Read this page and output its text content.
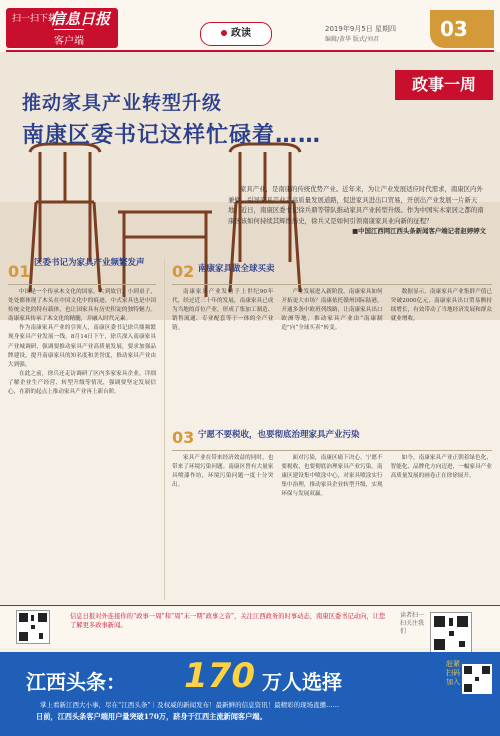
扫一扫下载
信息日报
客户端
政读	2019年9月5日 星期四
编辑/黄华 版式/刘君	03
政事一周
推动家具产业转型升级
南康区委书记这样忙碌着……
家具产业，是南康的传统优势产业。近年来，为让产业发展适应时代需求，南康区内外兼修，引导家具产业走高质量发展道路，促进家具进出口贸易，开创出产业发展一片新天地。近日，南康区委书记徐兵鼎等带队推动家具产业转型升级。作为中国实木家居之都的南康区该如何持续其辉煌历史，徐兵又是如何引领南康家具业向新的征程？
■中国江西网江西头条新闻客户端记者赵婷婷文
01 区委书记为家具产业频繁发声

中国是一个传承木文化的国家。大到故宫，小到桌子，处处都体现了木头在中国文化中的痕迹，中式家具也是中国传统文化的特有载体，也让国家具有历史积淀的独特魅力。南康家具传承了木文化的精髓，并融入时代元素。

作为南康家具产业的引领人，南康区委书记徐兵鼎频繁现身家具产业发展一线。8月14日下午，徐兵深入南康家具产业城调研，强调要推动家具产业高质量发展，要求加强品牌建设，提升南康家具的知名度和美誉度，推动家具产业由大到强。

在此之前，徐兵还走访调研了区内多家家具企业，详细了解企业生产经营、转型升级等情况，强调要坚定发展信心，在新的起点上推动家具产业再上新台阶。

02 南康家具做全球买卖

南康家具产业发轫于上世纪90年代，经过近三十年的发展，南康家具已成为当地的首位产业，形成了集加工制造、销售流通、专业配套等于一体的全产业链。

产业发展进入新阶段，南康家具如何开拓更大市场？南康依托赣州国际陆港，开通多条中欧班列线路，让南康家具出口欧洲等地，推动家具产业由“南康制造”向“全球买卖”转变。

数据显示，南康家具产业集群产值已突破2000亿元，南康家具出口贸易额持续增长，有效带动了当地经济发展和群众就业增收。

03 宁愿不要税收，也要彻底治理家具产业污染

家具产业在带来经济效益的同时，也带来了环境污染问题。南康区曾有大量家具喷漆作坊，环境污染问题一度十分突出。

面对污染，南康区痛下决心，宁愿不要税收，也要彻底治理家具产业污染。南康区建设集中喷涂中心，对家具喷涂实行集中治理，推动家具企业转型升级，实现环保与发展双赢。

如今，南康家具产业正朝着绿色化、智能化、品牌化方向迈进，一幅家具产业高质量发展的画卷正在徐徐展开。

信息日报对外连接你的“政事一周”和“周”末一期“政事之音”，关注江西政务的时事动态，南康区委书记动向，让您了解更多政事新闻。
读者扫一扫关注我们
江西头条： 170 万人选择
掌上看新江西大小事，尽在“江西头条”｜及权威的新闻发布！最新鲜的信息资讯！最精彩的现场直播……
日前，江西头条客户端用户量突破170万，跻身于江西主流新闻客户端。
赶紧扫码加入
